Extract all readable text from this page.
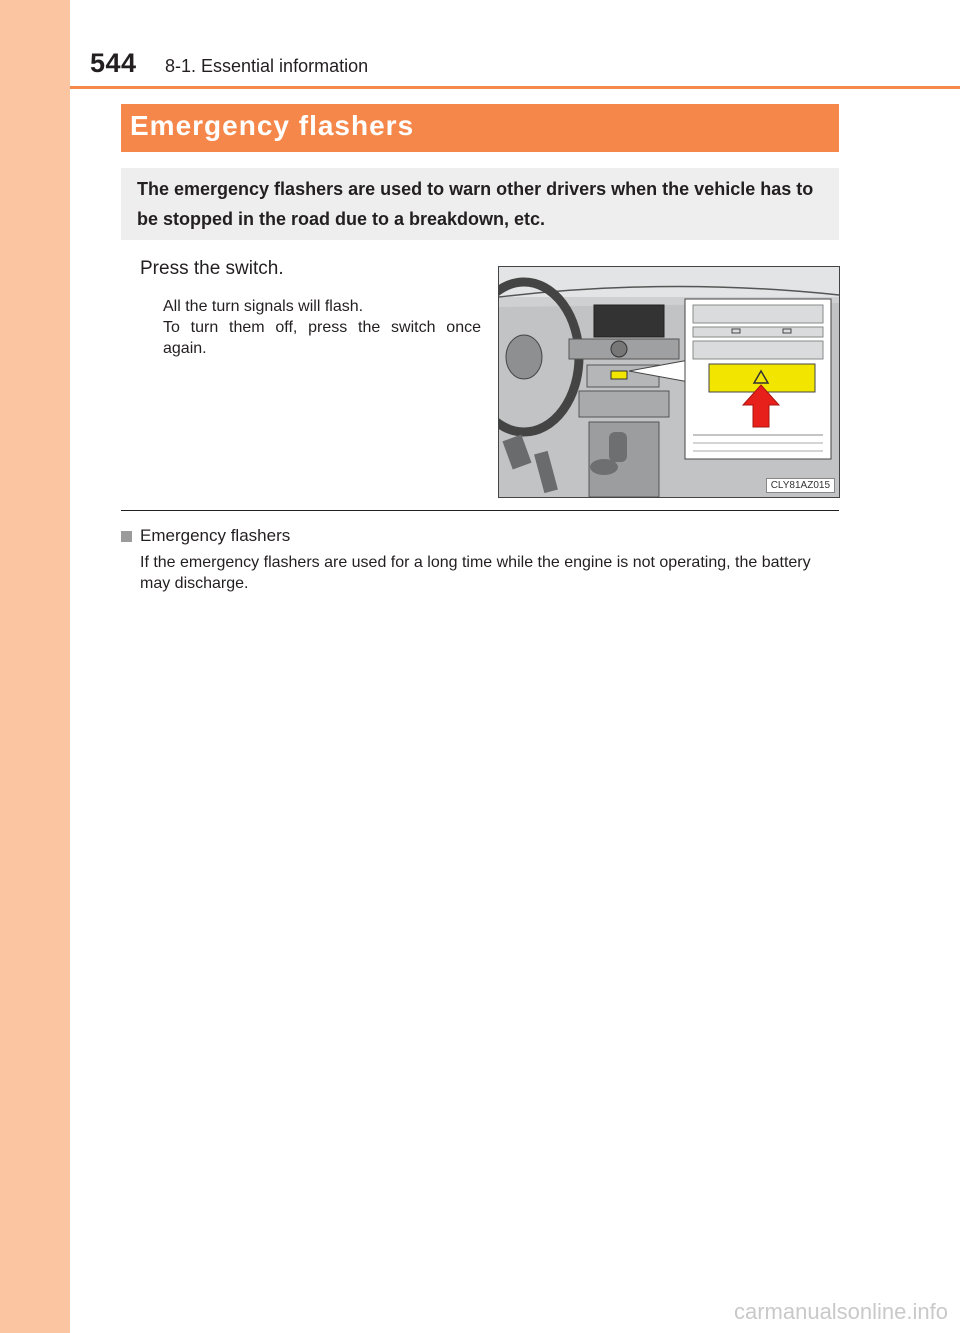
544 8-1. Essential information
Emergency flashers
The emergency flashers are used to warn other drivers when the vehicle has to be stopped in the road due to a breakdown, etc.
Press the switch.
All the turn signals will flash.
To turn them off, press the switch once again.
CLY81AZ015
Emergency flashers
If the emergency flashers are used for a long time while the engine is not operating, the battery may discharge.
carmanualsonline.info
